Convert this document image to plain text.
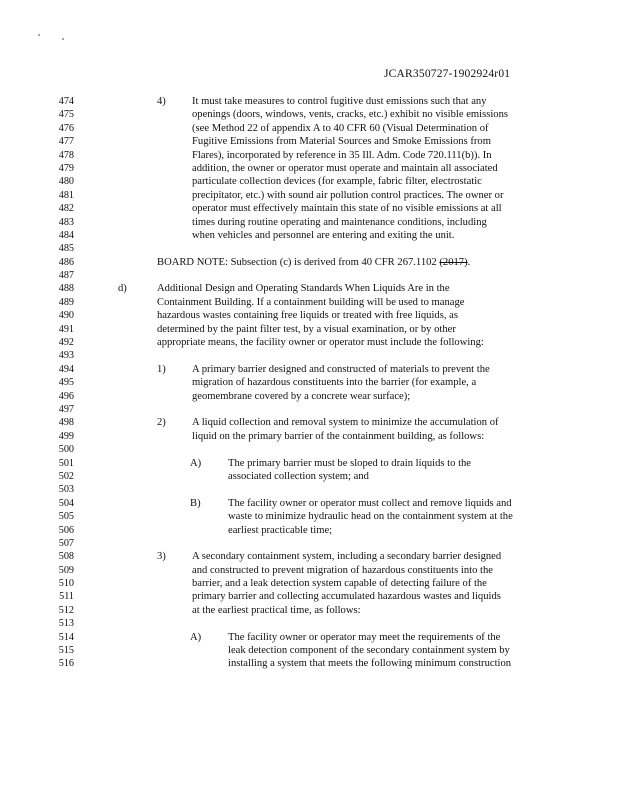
JCAR350727-1902924r01
474	4) It must take measures to control fugitive dust emissions such that any
475	openings (doors, windows, vents, cracks, etc.) exhibit no visible emissions
476	(see Method 22 of appendix A to 40 CFR 60 (Visual Determination of
477	Fugitive Emissions from Material Sources and Smoke Emissions from
478	Flares), incorporated by reference in 35 Ill. Adm. Code 720.111(b)). In
479	addition, the owner or operator must operate and maintain all associated
480	particulate collection devices (for example, fabric filter, electrostatic
481	precipitator, etc.) with sound air pollution control practices. The owner or
482	operator must effectively maintain this state of no visible emissions at all
483	times during routine operating and maintenance conditions, including
484	when vehicles and personnel are entering and exiting the unit.
485
486	BOARD NOTE: Subsection (c) is derived from 40 CFR 267.1102 (2017).
487
488	d)	Additional Design and Operating Standards When Liquids Are in the
489	Containment Building. If a containment building will be used to manage
490	hazardous wastes containing free liquids or treated with free liquids, as
491	determined by the paint filter test, by a visual examination, or by other
492	appropriate means, the facility owner or operator must include the following:
493
494	1) A primary barrier designed and constructed of materials to prevent the
495	migration of hazardous constituents into the barrier (for example, a
496	geomembrane covered by a concrete wear surface);
497
498	2) A liquid collection and removal system to minimize the accumulation of
499	liquid on the primary barrier of the containment building, as follows:
500
501	A)	The primary barrier must be sloped to drain liquids to the
502	associated collection system; and
503
504	B)	The facility owner or operator must collect and remove liquids and
505	waste to minimize hydraulic head on the containment system at the
506	earliest practicable time;
507
508	3) A secondary containment system, including a secondary barrier designed
509	and constructed to prevent migration of hazardous constituents into the
510	barrier, and a leak detection system capable of detecting failure of the
511	primary barrier and collecting accumulated hazardous wastes and liquids
512	at the earliest practical time, as follows:
513
514	A)	The facility owner or operator may meet the requirements of the
515	leak detection component of the secondary containment system by
516	installing a system that meets the following minimum construction
